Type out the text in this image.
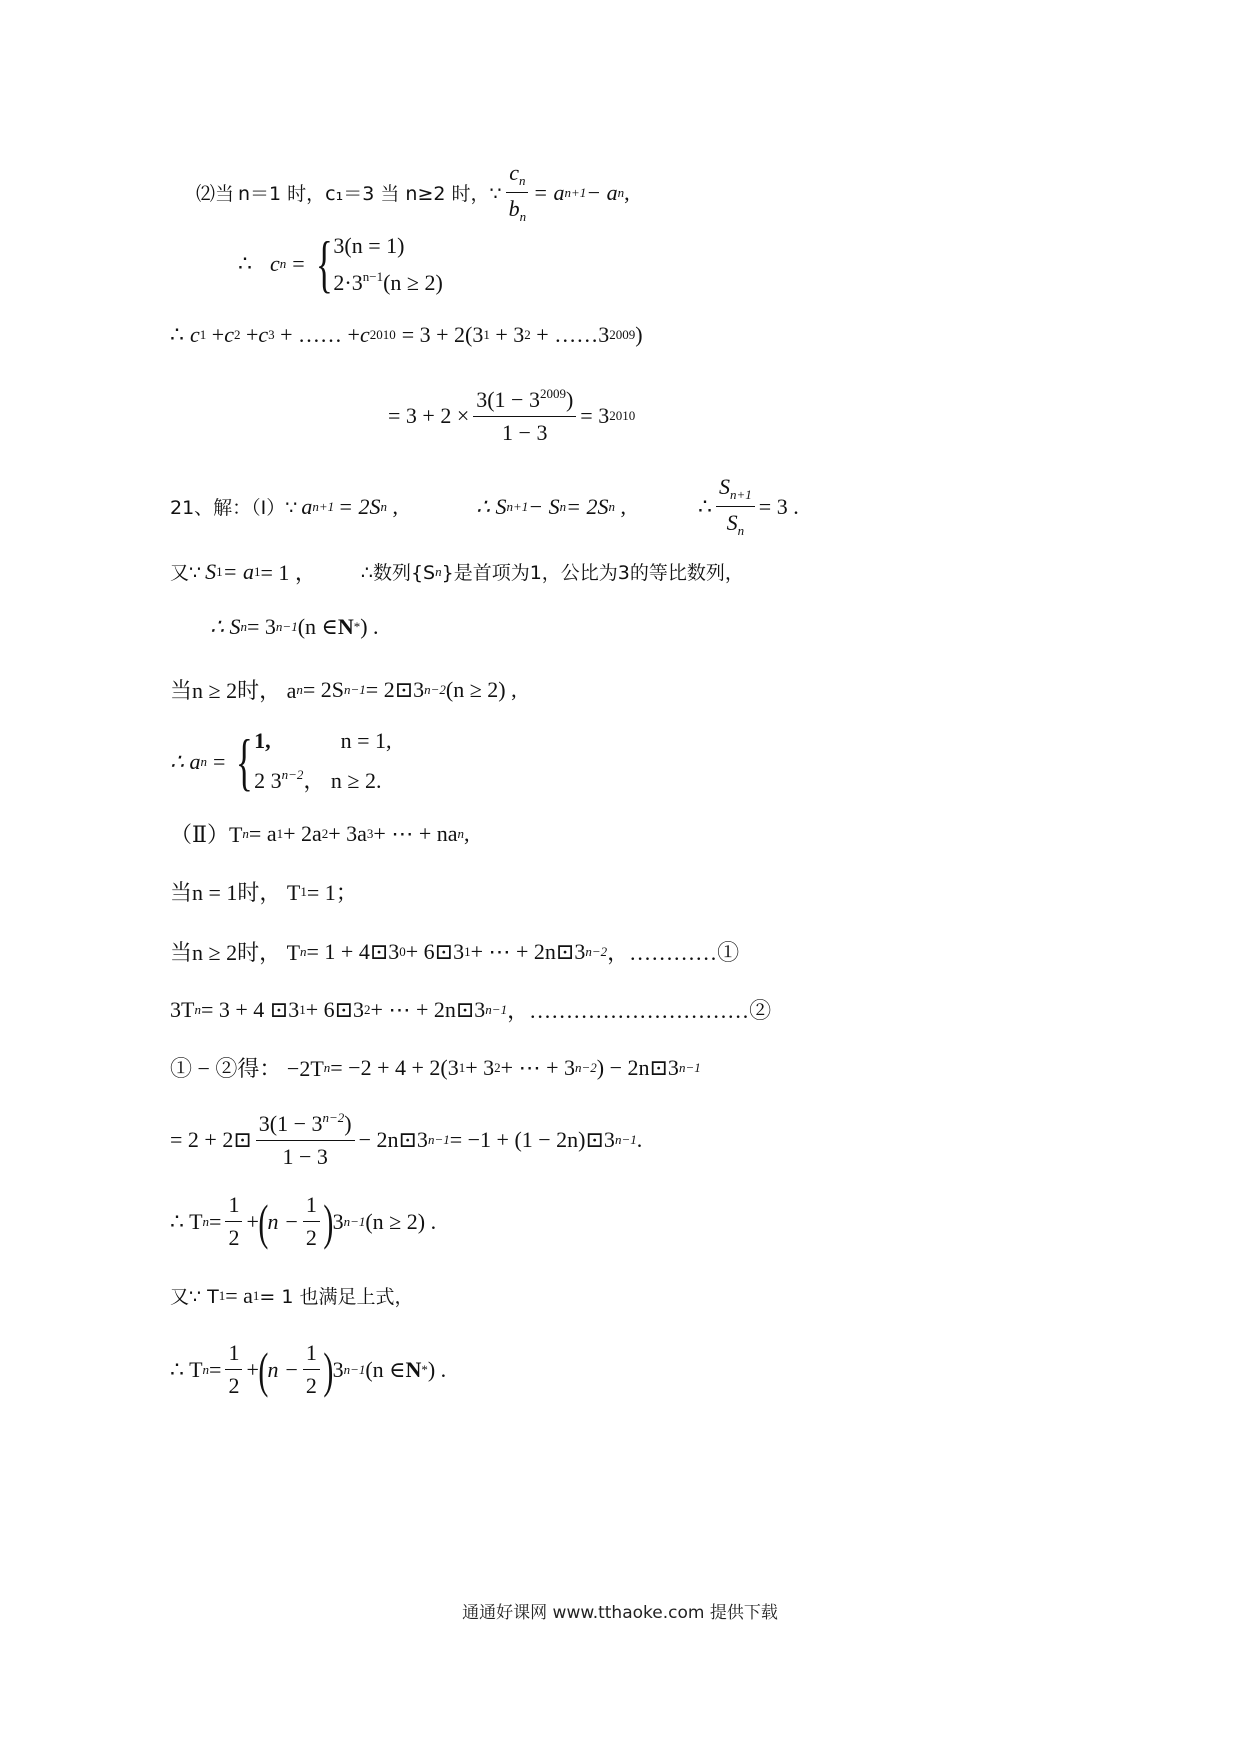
⑵当 n＝1 时，c₁＝3 当 n≥2 时，∵ $\frac{c_n}{b_n} = a$ n+1 − a n ,
∴ c n = { 3(n = 1)
$2\cdot 3^{n-1}(n \ge 2)$
∴ c 1 + c 2 + c 3 + …… + c 2010 = 3 + 2(3 1 + 3 2 + ……3 2009 )
= $3 + 2 \times \frac{3(1 - 3^{2009})}{1 - 3} = 3$ 2010
21、解：（Ⅰ）∵ a n+1 = 2S n ,	∴ S n+1 − S n = 2S n ,	∴ $\frac{S_{n+1}}{S_n} = 3$ .
又∵ S 1 = a 1 = 1 ， ∴数列{S n }是首项为1，公比为3的等比数列，
∴ S n = 3 n−1 (n ∈ N * ) .
当n ≥ 2时， a n = 2S n−1 = 2⊡3 n−2 (n ≥ 2) ,
∴ a n = { 1,	n = 1,
2 $3^{n-2}$， n ≥ 2.
（Ⅱ）T n = a 1 + 2a 2 + 3a 3 + ⋯ + na n ,
当n = 1时， T 1 = 1；
当n ≥ 2时， T n = 1 + 4⊡3 0 + 6⊡3 1 + ⋯ + 2n⊡3 n−2 ，…………①
3T n = 3 + 4 ⊡3 1 + 6⊡3 2 + ⋯ + 2n⊡3 n−1 ，…………………………②
① − ②得： −2T n = −2 + 4 + 2(3 1 + 3 2 + ⋯ + 3 n−2 ) − 2n⊡3 n−1
= 2 + 2⊡ $\frac{3(1 - 3^{n-2})}{1 - 3}$ − 2n⊡3 n−1 = −1 + (1 − 2n)⊡3 n−1 .
∴ T $n = \frac{1}{2}$ + ( $n - \frac{1}{2}$ ) 3 n−1 (n ≥ 2) .
又∵ T 1 = a 1 = 1 也满足上式，
∴ T $n = \frac{1}{2}$ + ( $n - \frac{1}{2}$ ) 3 n−1 (n ∈ N * ) .
通通好课网 www.tthaoke.com 提供下载
